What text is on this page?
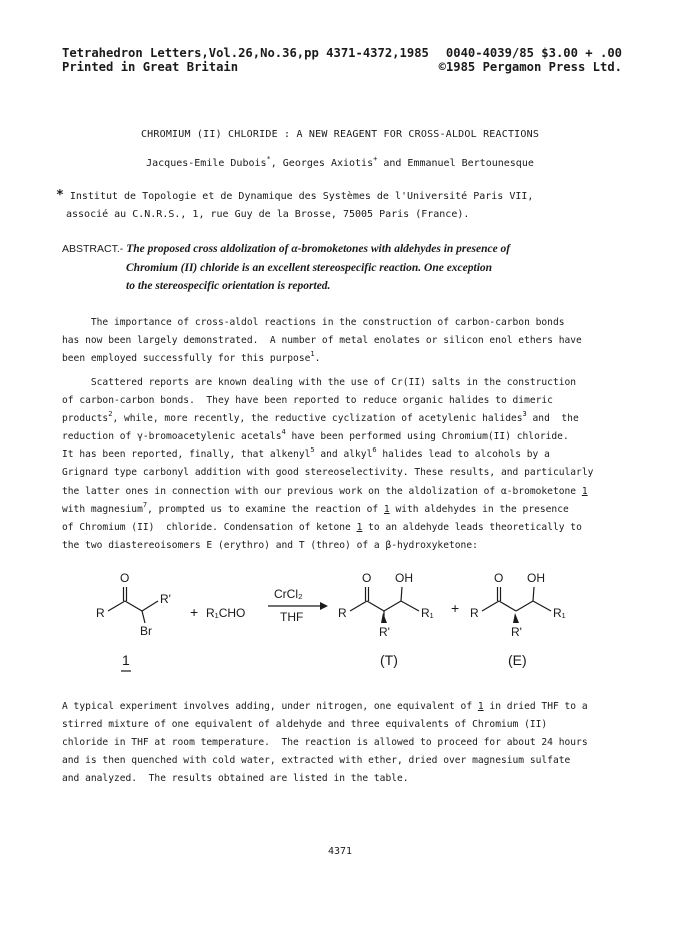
Tetrahedron Letters,Vol.26,No.36,pp 4371-4372,1985 0040-4039/85 $3.00 + .00
Printed in Great Britain	©1985 Pergamon Press Ltd.
CHROMIUM (II) CHLORIDE : A NEW REAGENT FOR CROSS-ALDOL REACTIONS
Jacques-Emile Dubois*, Georges Axiotis+ and Emmanuel Bertounesque
* Institut de Topologie et de Dynamique des Systèmes de l'Université Paris VII,
associé au C.N.R.S., 1, rue Guy de la Brosse, 75005 Paris (France).
ABSTRACT.- The proposed cross aldolization of α-bromoketones with aldehydes in presence of
Chromium (II) chloride is an excellent stereospecific reaction. One exception
to the stereospecific orientation is reported.
The importance of cross-aldol reactions in the construction of carbon-carbon bonds
has now been largely demonstrated.  A number of metal enolates or silicon enol ethers have
been employed successfully for this purpose$^1$.
Scattered reports are known dealing with the use of Cr(II) salts in the construction
of carbon-carbon bonds.  They have been reported to reduce organic halides to dimeric
products$^2$, while, more recently, the reductive cyclization of acetylenic halides$^3$ and  the
reduction of γ-bromoacetylenic acetals$^4$ have been performed using Chromium(II) chloride.
It has been reported, finally, that alkenyl$^5$ and alkyl$^6$ halides lead to alcohols by a
Grignard type carbonyl addition with good stereoselectivity. These results, and particularly
the latter ones in connection with our previous work on the aldolization of α-bromoketone 1
with magnesium$^7$, prompted us to examine the reaction of 1 with aldehydes in the presence
of Chromium (II)  chloride. Condensation of ketone 1 to an aldehyde leads theoretically to
the two diastereoisomers E (erythro) and T (threo) of a β-hydroxyketone:
O
R
R'
Br
+ R₁CHO
CrCl₂
THF
O OH
R	R₁
R'
+
O OH
R	R₁
R'
1	(T)	(E)
A typical experiment involves adding, under nitrogen, one equivalent of 1 in dried THF to a
stirred mixture of one equivalent of aldehyde and three equivalents of Chromium (II)
chloride in THF at room temperature.  The reaction is allowed to proceed for about 24 hours
and is then quenched with cold water, extracted with ether, dried over magnesium sulfate
and analyzed.  The results obtained are listed in the table.
4371
